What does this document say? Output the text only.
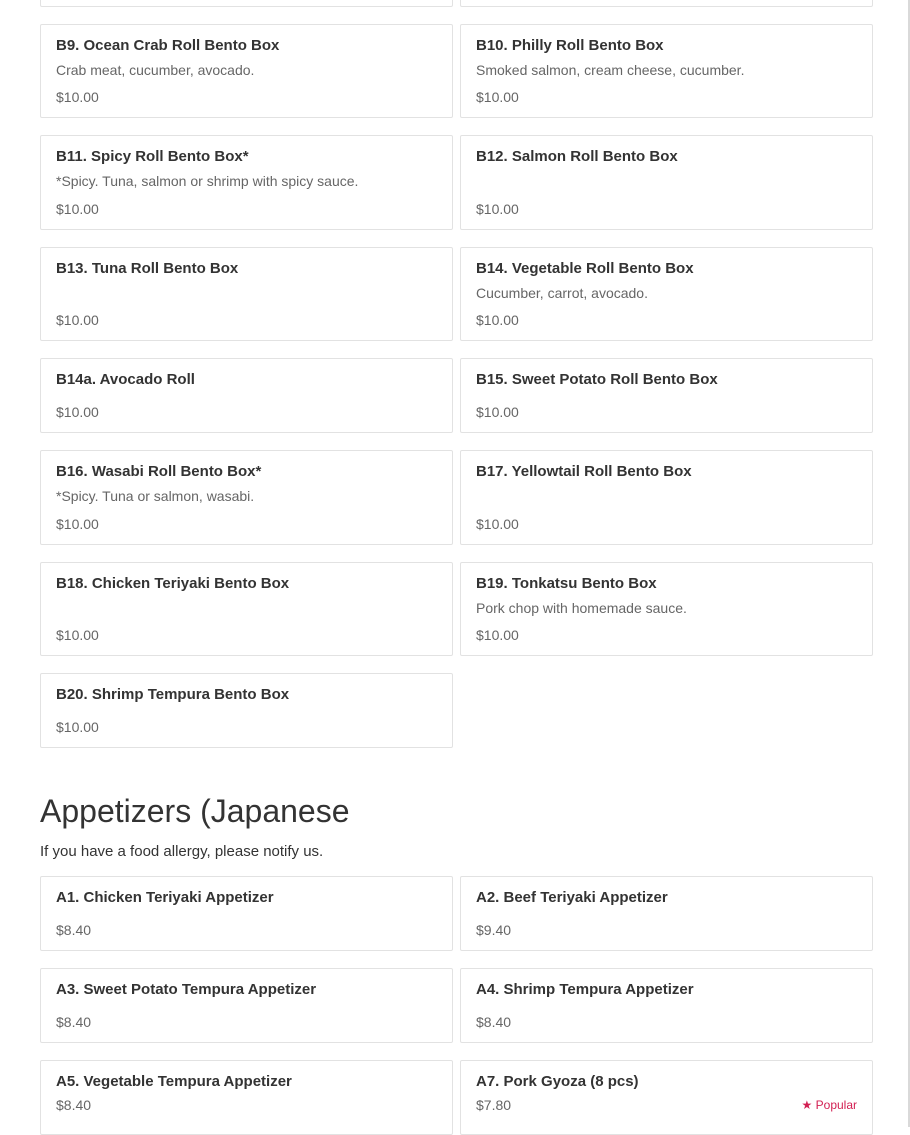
B9. Ocean Crab Roll Bento Box
Crab meat, cucumber, avocado.
$10.00
B10. Philly Roll Bento Box
Smoked salmon, cream cheese, cucumber.
$10.00
B11. Spicy Roll Bento Box*
*Spicy. Tuna, salmon or shrimp with spicy sauce.
$10.00
B12. Salmon Roll Bento Box
$10.00
B13. Tuna Roll Bento Box
$10.00
B14. Vegetable Roll Bento Box
Cucumber, carrot, avocado.
$10.00
B14a. Avocado Roll
$10.00
B15. Sweet Potato Roll Bento Box
$10.00
B16. Wasabi Roll Bento Box*
*Spicy. Tuna or salmon, wasabi.
$10.00
B17. Yellowtail Roll Bento Box
$10.00
B18. Chicken Teriyaki Bento Box
$10.00
B19. Tonkatsu Bento Box
Pork chop with homemade sauce.
$10.00
B20. Shrimp Tempura Bento Box
$10.00
Appetizers (Japanese
If you have a food allergy, please notify us.
A1. Chicken Teriyaki Appetizer
$8.40
A2. Beef Teriyaki Appetizer
$9.40
A3. Sweet Potato Tempura Appetizer
$8.40
A4. Shrimp Tempura Appetizer
$8.40
A5. Vegetable Tempura Appetizer
$8.40
A7. Pork Gyoza (8 pcs)
$7.80	★ Popular
